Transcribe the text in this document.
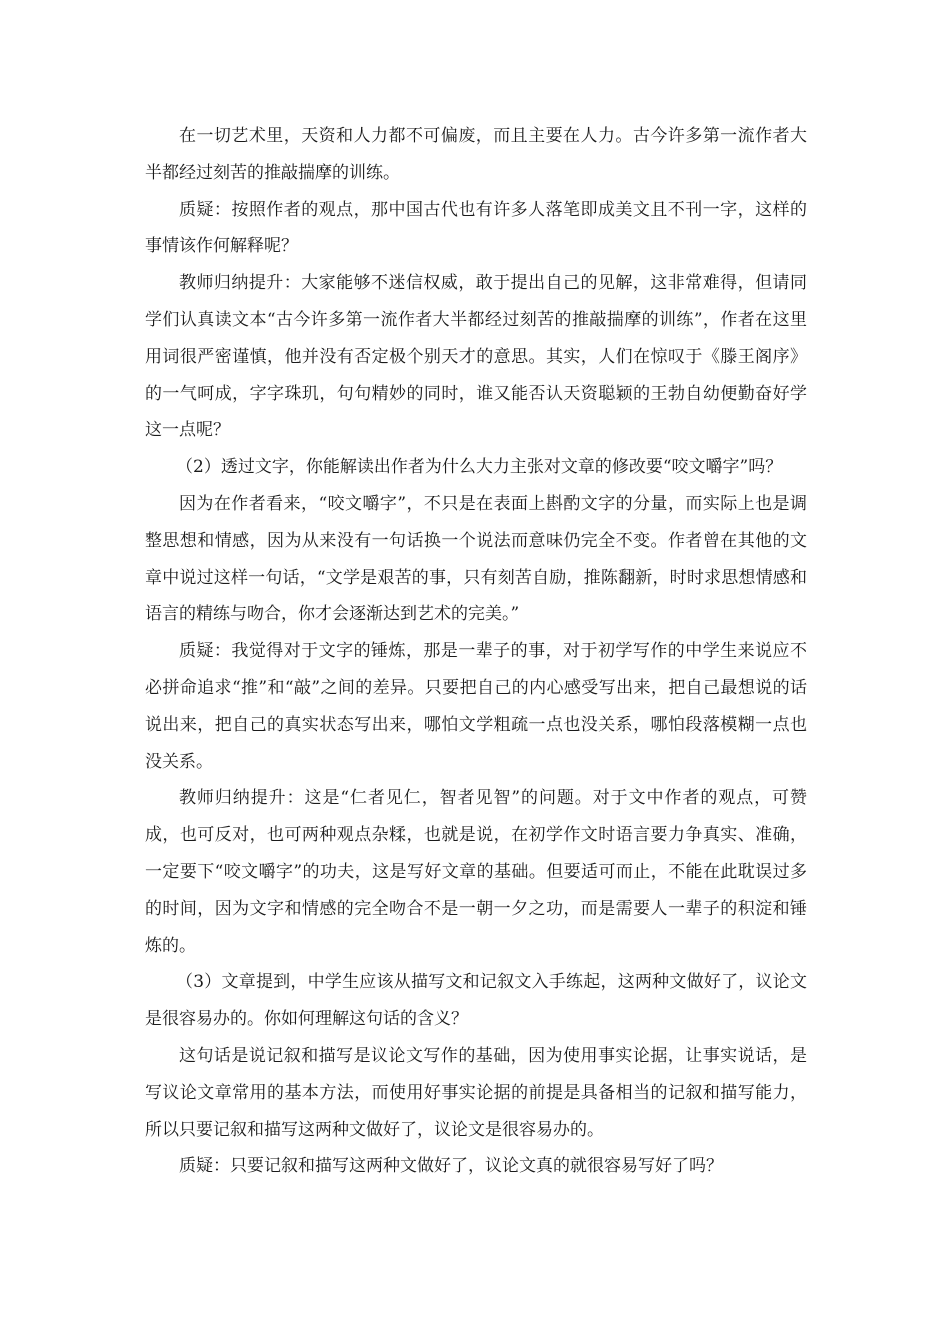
在一切艺术里，天资和人力都不可偏废，而且主要在人力。古今许多第一流作者大半都经过刻苦的推敲揣摩的训练。

质疑：按照作者的观点，那中国古代也有许多人落笔即成美文且不刊一字，这样的事情该作何解释呢？

教师归纳提升：大家能够不迷信权威，敢于提出自己的见解，这非常难得，但请同学们认真读文本“古今许多第一流作者大半都经过刻苦的推敲揣摩的训练”，作者在这里用词很严密谨慎，他并没有否定极个别天才的意思。其实，人们在惊叹于《滕王阁序》的一气呵成，字字珠玑，句句精妙的同时，谁又能否认天资聪颖的王勃自幼便勤奋好学这一点呢？

（2）透过文字，你能解读出作者为什么大力主张对文章的修改要“咬文嚼字”吗？

因为在作者看来，“咬文嚼字”，不只是在表面上斟酌文字的分量，而实际上也是调整思想和情感，因为从来没有一句话换一个说法而意味仍完全不变。作者曾在其他的文章中说过这样一句话，“文学是艰苦的事，只有刻苦自励，推陈翻新，时时求思想情感和语言的精练与吻合，你才会逐渐达到艺术的完美。”

质疑：我觉得对于文字的锤炼，那是一辈子的事，对于初学写作的中学生来说应不必拼命追求“推”和“敲”之间的差异。只要把自己的内心感受写出来，把自己最想说的话说出来，把自己的真实状态写出来，哪怕文学粗疏一点也没关系，哪怕段落模糊一点也没关系。

教师归纳提升：这是“仁者见仁，智者见智”的问题。对于文中作者的观点，可赞成，也可反对，也可两种观点杂糅，也就是说，在初学作文时语言要力争真实、准确，一定要下“咬文嚼字”的功夫，这是写好文章的基础。但要适可而止，不能在此耽误过多的时间，因为文字和情感的完全吻合不是一朝一夕之功，而是需要人一辈子的积淀和锤炼的。

（3）文章提到，中学生应该从描写文和记叙文入手练起，这两种文做好了，议论文是很容易办的。你如何理解这句话的含义？

这句话是说记叙和描写是议论文写作的基础，因为使用事实论据，让事实说话，是写议论文章常用的基本方法，而使用好事实论据的前提是具备相当的记叙和描写能力，所以只要记叙和描写这两种文做好了，议论文是很容易办的。

质疑：只要记叙和描写这两种文做好了，议论文真的就很容易写好了吗？
